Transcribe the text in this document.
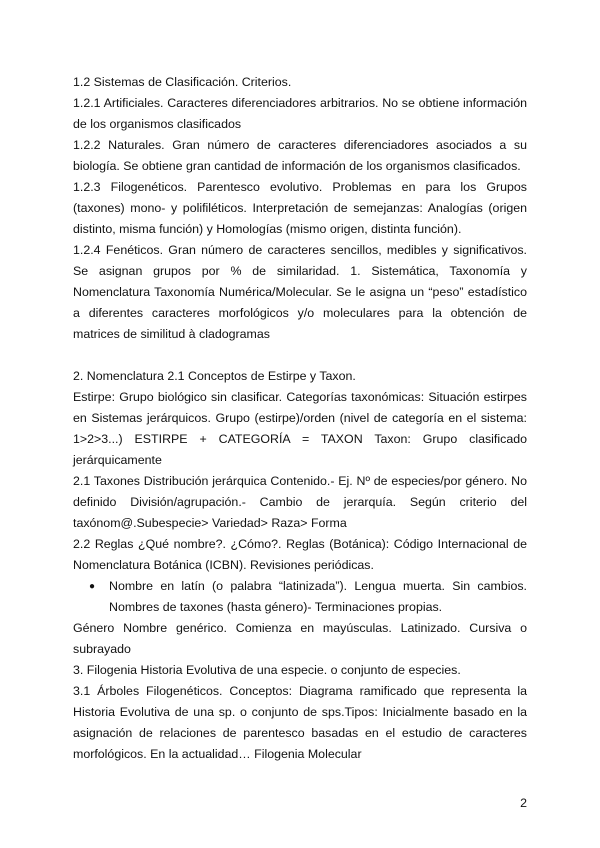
1.2 Sistemas de Clasificación. Criterios.

1.2.1 Artificiales. Caracteres diferenciadores arbitrarios. No se obtiene información de los organismos clasificados

1.2.2 Naturales. Gran número de caracteres diferenciadores asociados a su biología. Se obtiene gran cantidad de información de los organismos clasificados.

1.2.3 Filogenéticos. Parentesco evolutivo. Problemas en para los Grupos (taxones) mono- y polifiléticos. Interpretación de semejanzas: Analogías (origen distinto, misma función) y Homologías (mismo origen, distinta función).

1.2.4 Fenéticos. Gran número de caracteres sencillos, medibles y significativos. Se asignan grupos por % de similaridad. 1. Sistemática, Taxonomía y Nomenclatura Taxonomía Numérica/Molecular. Se le asigna un “peso” estadístico a diferentes caracteres morfológicos y/o moleculares para la obtención de matrices de similitud à cladogramas

2. Nomenclatura 2.1 Conceptos de Estirpe y Taxon.

Estirpe: Grupo biológico sin clasificar. Categorías taxonómicas: Situación estirpes en Sistemas jerárquicos. Grupo (estirpe)/orden (nivel de categoría en el sistema: 1>2>3...) ESTIRPE + CATEGORÍA = TAXON Taxon: Grupo clasificado jerárquicamente

2.1 Taxones Distribución jerárquica Contenido.- Ej. Nº de especies/por género. No definido División/agrupación.- Cambio de jerarquía. Según criterio del taxónom@.Subespecie> Variedad> Raza> Forma

2.2 Reglas ¿Qué nombre?. ¿Cómo?. Reglas (Botánica): Código Internacional de Nomenclatura Botánica (ICBN). Revisiones periódicas.

●	Nombre en latín (o palabra “latinizada”). Lengua muerta. Sin cambios. Nombres de taxones (hasta género)- Terminaciones propias.

Género Nombre genérico. Comienza en mayúsculas. Latinizado. Cursiva o subrayado

3. Filogenia Historia Evolutiva de una especie. o conjunto de especies.

3.1 Árboles Filogenéticos. Conceptos: Diagrama ramificado que representa la Historia Evolutiva de una sp. o conjunto de sps.Tipos: Inicialmente basado en la asignación de relaciones de parentesco basadas en el estudio de caracteres morfológicos. En la actualidad… Filogenia Molecular

2
